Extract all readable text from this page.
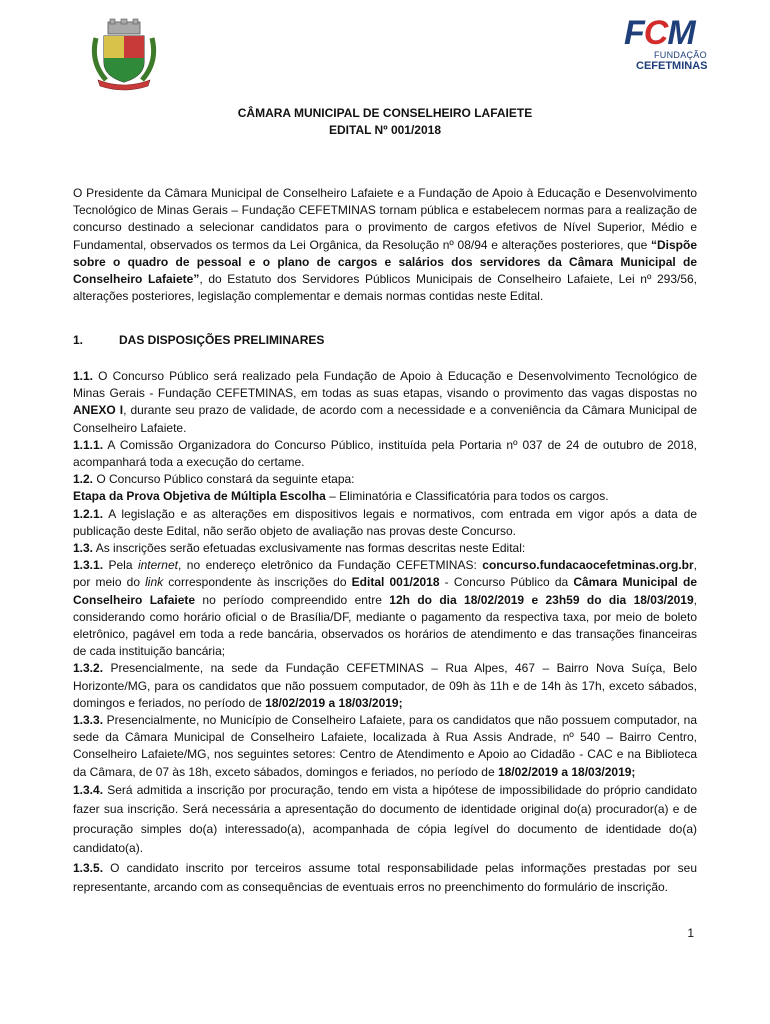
FCM
FUNDAÇÃO
CEFETMINAS
CÂMARA MUNICIPAL DE CONSELHEIRO LAFAIETE
EDITAL Nº 001/2018
O Presidente da Câmara Municipal de Conselheiro Lafaiete e a Fundação de Apoio à Educação e Desenvolvimento Tecnológico de Minas Gerais – Fundação CEFETMINAS tornam pública e estabelecem normas para a realização de concurso destinado a selecionar candidatos para o provimento de cargos efetivos de Nível Superior, Médio e Fundamental, observados os termos da Lei Orgânica, da Resolução nº 08/94 e alterações posteriores, que “Dispõe sobre o quadro de pessoal e o plano de cargos e salários dos servidores da Câmara Municipal de Conselheiro Lafaiete”, do Estatuto dos Servidores Públicos Municipais de Conselheiro Lafaiete, Lei nº 293/56, alterações posteriores, legislação complementar e demais normas contidas neste Edital.
1.	DAS DISPOSIÇÕES PRELIMINARES

1.1. O Concurso Público será realizado pela Fundação de Apoio à Educação e Desenvolvimento Tecnológico de Minas Gerais - Fundação CEFETMINAS, em todas as suas etapas, visando o provimento das vagas dispostas no ANEXO I, durante seu prazo de validade, de acordo com a necessidade e a conveniência da Câmara Municipal de Conselheiro Lafaiete.

1.1.1. A Comissão Organizadora do Concurso Público, instituída pela Portaria nº 037 de 24 de outubro de 2018, acompanhará toda a execução do certame.

1.2. O Concurso Público constará da seguinte etapa:

Etapa da Prova Objetiva de Múltipla Escolha – Eliminatória e Classificatória para todos os cargos.

1.2.1. A legislação e as alterações em dispositivos legais e normativos, com entrada em vigor após a data de publicação deste Edital, não serão objeto de avaliação nas provas deste Concurso.

1.3. As inscrições serão efetuadas exclusivamente nas formas descritas neste Edital:

1.3.1. Pela internet, no endereço eletrônico da Fundação CEFETMINAS: concurso.fundacaocefetminas.org.br, por meio do link correspondente às inscrições do Edital 001/2018 - Concurso Público da Câmara Municipal de Conselheiro Lafaiete no período compreendido entre 12h do dia 18/02/2019 e 23h59 do dia 18/03/2019, considerando como horário oficial o de Brasília/DF, mediante o pagamento da respectiva taxa, por meio de boleto eletrônico, pagável em toda a rede bancária, observados os horários de atendimento e das transações financeiras de cada instituição bancária;

1.3.2. Presencialmente, na sede da Fundação CEFETMINAS – Rua Alpes, 467 – Bairro Nova Suíça, Belo Horizonte/MG, para os candidatos que não possuem computador, de 09h às 11h e de 14h às 17h, exceto sábados, domingos e feriados, no período de 18/02/2019 a 18/03/2019;

1.3.3. Presencialmente, no Município de Conselheiro Lafaiete, para os candidatos que não possuem computador, na sede da Câmara Municipal de Conselheiro Lafaiete, localizada à Rua Assis Andrade, nº 540 – Bairro Centro, Conselheiro Lafaiete/MG, nos seguintes setores: Centro de Atendimento e Apoio ao Cidadão - CAC e na Biblioteca da Câmara, de 07 às 18h, exceto sábados, domingos e feriados, no período de 18/02/2019 a 18/03/2019;

1.3.4. Será admitida a inscrição por procuração, tendo em vista a hipótese de impossibilidade do próprio candidato fazer sua inscrição. Será necessária a apresentação do documento de identidade original do(a) procurador(a) e de procuração simples do(a) interessado(a), acompanhada de cópia legível do documento de identidade do(a) candidato(a).

1.3.5. O candidato inscrito por terceiros assume total responsabilidade pelas informações prestadas por seu representante, arcando com as consequências de eventuais erros no preenchimento do formulário de inscrição.

1
